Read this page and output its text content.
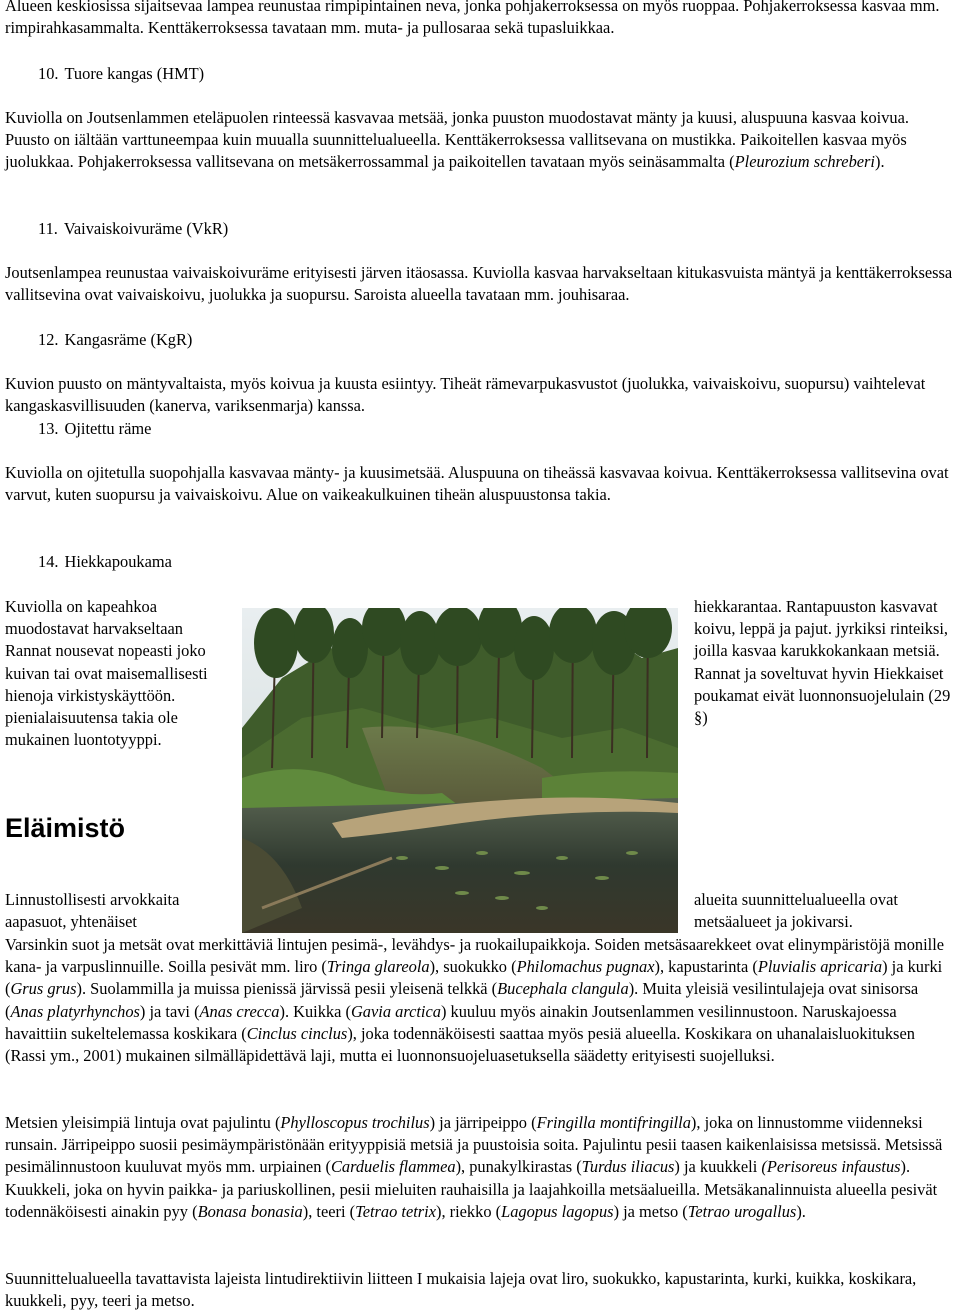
Alueen keskiosissa sijaitsevaa lampea reunustaa rimpipintainen neva, jonka pohjakerroksessa on myös ruoppaa. Pohjakerroksessa kasvaa mm. rimpirahkasammalta. Kenttäkerroksessa tavataan mm. muta- ja pullosaraa sekä tupasluikkaa.

10. Tuore kangas (HMT)

Kuviolla on Joutsenlammen eteläpuolen rinteessä kasvavaa metsää, jonka puuston muodostavat mänty ja kuusi, aluspuuna kasvaa koivua. Puusto on iältään varttuneempaa kuin muualla suunnittelualueella. Kenttäkerroksessa vallitsevana on mustikka. Paikoitellen kasvaa myös juolukkaa. Pohjakerroksessa vallitsevana on metsäkerrossammal ja paikoitellen tavataan myös seinäsammalta (Pleurozium schreberi).

11. Vaivaiskoivuräme (VkR)

Joutsenlampea reunustaa vaivaiskoivuräme erityisesti järven itäosassa. Kuviolla kasvaa harvakseltaan kitukasvuista mäntyä ja kenttäkerroksessa vallitsevina ovat vaivaiskoivu, juolukka ja suopursu. Saroista alueella tavataan mm. jouhisaraa.

12. Kangasräme (KgR)

Kuvion puusto on mäntyvaltaista, myös koivua ja kuusta esiintyy. Tiheät rämevarpukasvustot (juolukka, vaivaiskoivu, suopursu) vaihtelevat kangaskasvillisuuden (kanerva, variksenmarja) kanssa.

13. Ojitettu räme

Kuviolla on ojitetulla suopohjalla kasvavaa mänty- ja kuusimetsää. Aluspuuna on tiheässä kasvavaa koivua. Kenttäkerroksessa vallitsevina ovat varvut, kuten suopursu ja vaivaiskoivu. Alue on vaikeakulkuinen tiheän aluspuustonsa takia.

14. Hiekkapoukama

Kuviolla on kapeahkoa muodostavat harvakseltaan Rannat nousevat nopeasti joko kuivan tai ovat maisemallisesti hienoja virkistyskäyttöön. pienialaisuutensa takia ole mukainen luontotyyppi.

hiekkarantaa. Rantapuuston kasvavat koivu, leppä ja pajut. jyrkiksi rinteiksi, joilla kasvaa karukkokankaan metsiä. Rannat ja soveltuvat hyvin Hiekkaiset poukamat eivät luonnonsuojelulain (29 §)

Eläimistö

Linnustollisesti arvokkaita aapasuot, yhtenäiset

alueita suunnittelualueella ovat metsäalueet ja jokivarsi.

Varsinkin suot ja metsät ovat merkittäviä lintujen pesimä-, levähdys- ja ruokailupaikkoja. Soiden metsäsaarekkeet ovat elinympäristöjä monille kana- ja varpuslinnuille. Soilla pesivät mm. liro (Tringa glareola), suokukko (Philomachus pugnax), kapustarinta (Pluvialis apricaria) ja kurki (Grus grus). Suolammilla ja muissa pienissä järvissä pesii yleisenä telkkä (Bucephala clangula). Muita yleisiä vesilintulajeja ovat sinisorsa (Anas platyrhynchos) ja tavi (Anas crecca). Kuikka (Gavia arctica) kuuluu myös ainakin Joutsenlammen vesilinnustoon. Naruskajoessa havaittiin sukeltelemassa koskikara (Cinclus cinclus), joka todennäköisesti saattaa myös pesiä alueella. Koskikara on uhanalaisluokituksen (Rassi ym., 2001) mukainen silmälläpidettävä laji, mutta ei luonnonsuojeluasetuksella säädetty erityisesti suojelluksi.

Metsien yleisimpiä lintuja ovat pajulintu (Phylloscopus trochilus) ja järripeippo (Fringilla montifringilla), joka on linnustomme viidenneksi runsain. Järripeippo suosii pesimäympäristönään erityyppisiä metsiä ja puustoisia soita. Pajulintu pesii taasen kaikenlaisissa metsissä. Metsissä pesimälinnustoon kuuluvat myös mm. urpiainen (Carduelis flammea), punakylkirastas (Turdus iliacus) ja kuukkeli (Perisoreus infaustus). Kuukkeli, joka on hyvin paikka- ja pariuskollinen, pesii mieluiten rauhaisilla ja laajahkoilla metsäalueilla. Metsäkanalinnuista alueella pesivät todennäköisesti ainakin pyy (Bonasa bonasia), teeri (Tetrao tetrix), riekko (Lagopus lagopus) ja metso (Tetrao urogallus).

Suunnittelualueella tavattavista lajeista lintudirektiivin liitteen I mukaisia lajeja ovat liro, suokukko, kapustarinta, kurki, kuikka, koskikara, kuukkeli, pyy, teeri ja metso.
